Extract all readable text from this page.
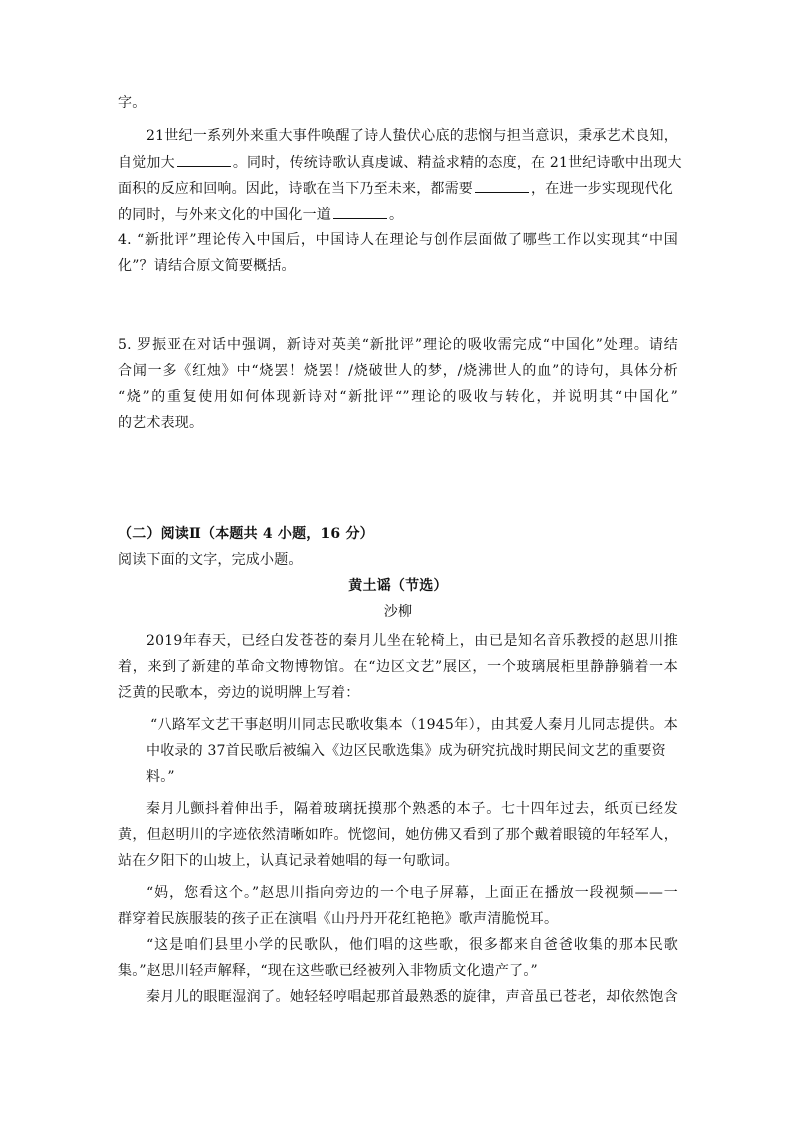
字。
21世纪一系列外来重大事件唤醒了诗人蛰伏心底的悲悯与担当意识，秉承艺术良知，
自觉加大	。同时，传统诗歌认真虔诚、精益求精的态度，在 21世纪诗歌中出现大
面积的反应和回响。因此，诗歌在当下乃至未来，都需要	，在进一步实现现代化
的同时，与外来文化的中国化一道	。
4. “新批评”理论传入中国后，中国诗人在理论与创作层面做了哪些工作以实现其“中国
化”？请结合原文简要概括。
5. 罗振亚在对话中强调，新诗对英美“新批评”理论的吸收需完成“中国化”处理。请结
合闻一多《红烛》中“烧罢！烧罢！/烧破世人的梦，/烧沸世人的血”的诗句，具体分析
“烧”的重复使用如何体现新诗对“新批评“”理论的吸收与转化，并说明其“中国化”
的艺术表现。
（二）阅读Ⅱ（本题共 4 小题，16 分）
阅读下面的文字，完成小题。
黄土谣（节选）
沙柳
2019年春天，已经白发苍苍的秦月儿坐在轮椅上，由已是知名音乐教授的赵思川推
着，来到了新建的革命文物博物馆。在“边区文艺”展区，一个玻璃展柜里静静躺着一本
泛黄的民歌本，旁边的说明牌上写着：
“八路军文艺干事赵明川同志民歌收集本（1945年），由其爱人秦月儿同志提供。本
中收录的 37首民歌后被编入《边区民歌选集》成为研究抗战时期民间文艺的重要资
料。”
秦月儿颤抖着伸出手，隔着玻璃抚摸那个熟悉的本子。七十四年过去，纸页已经发
黄，但赵明川的字迹依然清晰如昨。恍惚间，她仿佛又看到了那个戴着眼镜的年轻军人，
站在夕阳下的山坡上，认真记录着她唱的每一句歌词。
“妈，您看这个。”赵思川指向旁边的一个电子屏幕，上面正在播放一段视频——一
群穿着民族服装的孩子正在演唱《山丹丹开花红艳艳》歌声清脆悦耳。
“这是咱们县里小学的民歌队，他们唱的这些歌，很多都来自爸爸收集的那本民歌
集。”赵思川轻声解释，“现在这些歌已经被列入非物质文化遗产了。”
秦月儿的眼眶湿润了。她轻轻哼唱起那首最熟悉的旋律，声音虽已苍老，却依然饱含
